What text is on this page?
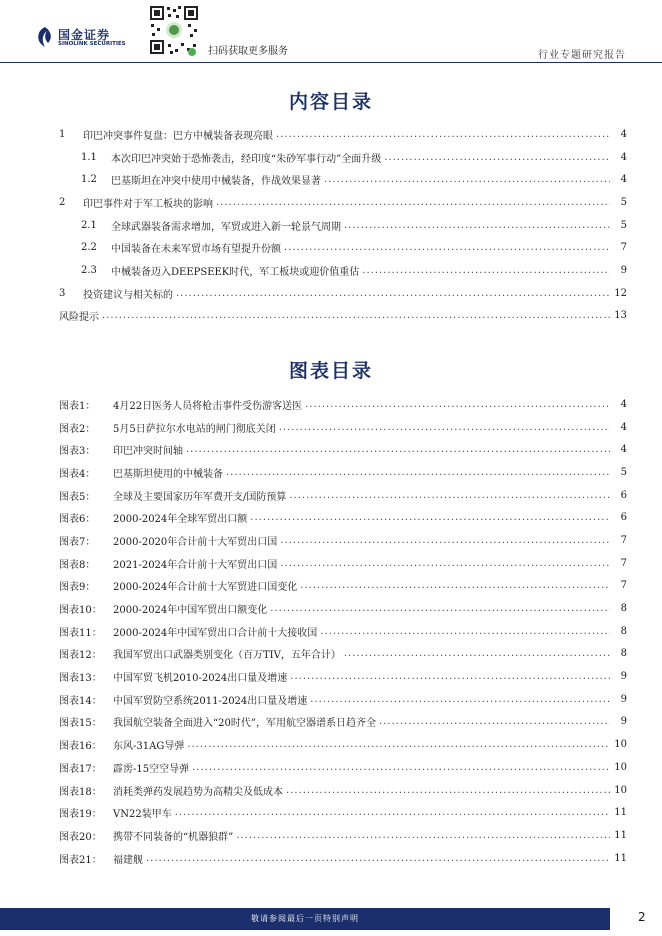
国金证券
SINOLINK SECURITIES
扫码获取更多服务	行业专题研究报告
内容目录
1	印巴冲突事件复盘：巴方中械装备表现亮眼 .....	4
1.1	本次印巴冲突始于恐怖袭击，经印度“朱砂军事行动”全面升级 .....	4
1.2	巴基斯坦在冲突中使用中械装备，作战效果显著 .....	4
2	印巴事件对于军工板块的影响 .....	5
2.1	全球武器装备需求增加，军贸或进入新一轮景气周期 .....	5
2.2	中国装备在未来军贸市场有望提升份额 .....	7
2.3	中械装备迈入DEEPSEEK时代，军工板块或迎价值重估 .....	9
3	投资建议与相关标的 .....	12
风险提示 .....	13
图表目录
图表1：	4月22日医务人员将枪击事件受伤游客送医 .....	4
图表2：	5月5日萨拉尔水电站的闸门彻底关闭 .....	4
图表3：	印巴冲突时间轴 .....	4
图表4：	巴基斯坦使用的中械装备 .....	5
图表5：	全球及主要国家历年军费开支/国防预算 .....	6
图表6：	2000-2024年全球军贸出口额 .....	6
图表7：	2000-2020年合计前十大军贸出口国 .....	7
图表8：	2021-2024年合计前十大军贸出口国 .....	7
图表9：	2000-2024年合计前十大军贸进口国变化 .....	7
图表10：	2000-2024年中国军贸出口额变化 .....	8
图表11：	2000-2024年中国军贸出口合计前十大接收国 .....	8
图表12：	我国军贸出口武器类别变化（百万TIV，五年合计） .....	8
图表13：	中国军贸飞机2010-2024出口量及增速 .....	9
图表14：	中国军贸防空系统2011-2024出口量及增速 .....	9
图表15：	我国航空装备全面进入“20时代”，军用航空器谱系日趋齐全 .....	9
图表16：	东风-31AG导弹 .....	10
图表17：	霹雳-15空空导弹 .....	10
图表18：	消耗类弹药发展趋势为高精尖及低成本 .....	10
图表19：	VN22装甲车 .....	11
图表20：	携带不同装备的“机器狼群” .....	11
图表21：	福建舰 .....	11
敬请参阅最后一页特别声明	2
